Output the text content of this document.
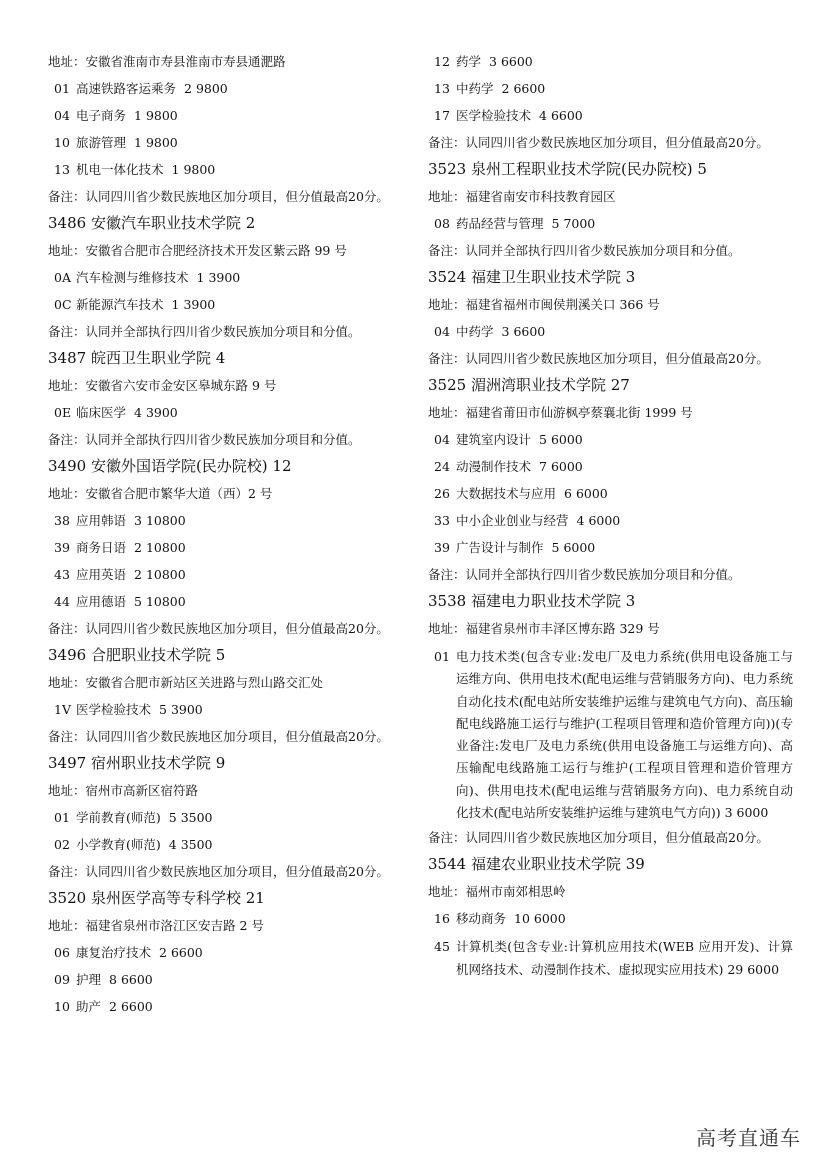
地址：安徽省淮南市寿县淮南市寿县通淝路
01 高速铁路客运乘务 2 9800
04 电子商务 1 9800
10 旅游管理 1 9800
13 机电一体化技术 1 9800
备注：认同四川省少数民族地区加分项目，但分值最高20分。
3486 安徽汽车职业技术学院 2
地址：安徽省合肥市合肥经济技术开发区紫云路 99 号
0A 汽车检测与维修技术 1 3900
0C 新能源汽车技术 1 3900
备注：认同并全部执行四川省少数民族加分项目和分值。
3487 皖西卫生职业学院 4
地址：安徽省六安市金安区皋城东路 9 号
0E 临床医学 4 3900
备注：认同并全部执行四川省少数民族加分项目和分值。
3490 安徽外国语学院(民办院校) 12
地址：安徽省合肥市繁华大道（西）2 号
38 应用韩语 3 10800
39 商务日语 2 10800
43 应用英语 2 10800
44 应用德语 5 10800
备注：认同四川省少数民族地区加分项目，但分值最高20分。
3496 合肥职业技术学院 5
地址：安徽省合肥市新站区关进路与烈山路交汇处
1V 医学检验技术 5 3900
备注：认同四川省少数民族地区加分项目，但分值最高20分。
3497 宿州职业技术学院 9
地址：宿州市高新区宿符路
01 学前教育(师范) 5 3500
02 小学教育(师范) 4 3500
备注：认同四川省少数民族地区加分项目，但分值最高20分。
3520 泉州医学高等专科学校 21
地址：福建省泉州市洛江区安吉路 2 号
06 康复治疗技术 2 6600
09 护理 8 6600
10 助产 2 6600
12 药学 3 6600
13 中药学 2 6600
17 医学检验技术 4 6600
备注：认同四川省少数民族地区加分项目，但分值最高20分。
3523 泉州工程职业技术学院(民办院校) 5
地址：福建省南安市科技教育园区
08 药品经营与管理 5 7000
备注：认同并全部执行四川省少数民族加分项目和分值。
3524 福建卫生职业技术学院 3
地址：福建省福州市闽侯荆溪关口 366 号
04 中药学 3 6600
备注：认同四川省少数民族地区加分项目，但分值最高20分。
3525 湄洲湾职业技术学院 27
地址：福建省莆田市仙游枫亭蔡襄北街 1999 号
04 建筑室内设计 5 6000
24 动漫制作技术 7 6000
26 大数据技术与应用 6 6000
33 中小企业创业与经营 4 6000
39 广告设计与制作 5 6000
备注：认同并全部执行四川省少数民族加分项目和分值。
3538 福建电力职业技术学院 3
地址：福建省泉州市丰泽区博东路 329 号
01 电力技术类(包含专业:发电厂及电力系统(供用电设备施工与运维方向、供用电技术(配电运维与营销服务方向)、电力系统自动化技术(配电站所安装维护运维与建筑电气方向)、高压输配电线路施工运行与维护(工程项目管理和造价管理方向))(专业备注:发电厂及电力系统(供用电设备施工与运维方向)、高压输配电线路施工运行与维护(工程项目管理和造价管理方向)、供用电技术(配电运维与营销服务方向)、电力系统自动化技术(配电站所安装维护运维与建筑电气方向)) 3 6000
备注：认同四川省少数民族地区加分项目，但分值最高20分。
3544 福建农业职业技术学院 39
地址：福州市南郊相思岭
16 移动商务 10 6000
45 计算机类(包含专业:计算机应用技术(WEB 应用开发)、计算机网络技术、动漫制作技术、虚拟现实应用技术) 29 6000
高考直通车
